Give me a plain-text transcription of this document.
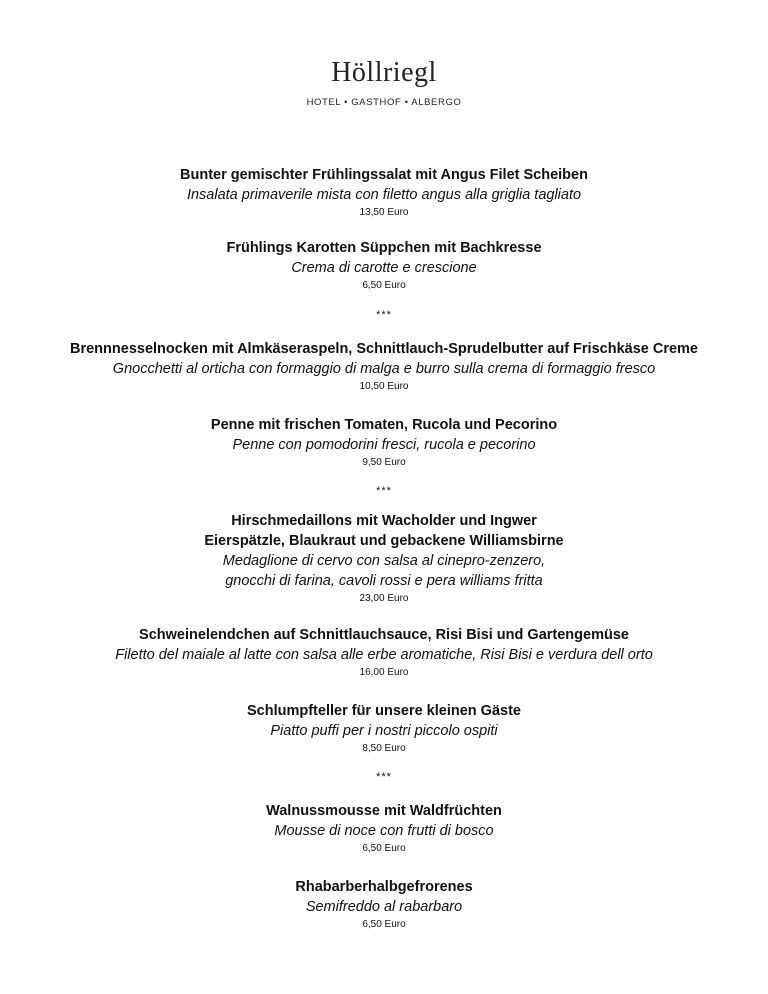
Höllriegl
HOTEL • GASTHOF • ALBERGO
Bunter gemischter Frühlingssalat mit Angus Filet Scheiben
Insalata primaverile mista con filetto angus alla griglia tagliato
13,50 Euro
Frühlings Karotten Süppchen mit Bachkresse
Crema di carotte e crescione
6,50 Euro
***
Brennnesselnocken mit Almkäseraspeln, Schnittlauch-Sprudelbutter auf Frischkäse Creme
Gnocchetti al orticha con formaggio di malga e burro sulla crema di formaggio fresco
10,50 Euro
Penne mit frischen Tomaten, Rucola und Pecorino
Penne con pomodorini fresci, rucola e pecorino
9,50 Euro
***
Hirschmedaillons mit Wacholder und Ingwer
Eierspätzle, Blaukraut und gebackene Williamsbirne
Medaglione di cervo con salsa al cinepro-zenzero,
gnocchi di farina, cavoli rossi e pera williams fritta
23,00 Euro
Schweinelendchen auf Schnittlauchsauce, Risi Bisi und Gartengemüse
Filetto del maiale al latte con salsa alle erbe aromatiche, Risi Bisi e verdura dell orto
16,00 Euro
Schlumpfteller für unsere kleinen Gäste
Piatto puffi per i nostri piccolo ospiti
8,50 Euro
***
Walnussmousse mit Waldfrüchten
Mousse di noce con frutti di bosco
6,50 Euro
Rhabarberhalbgefrorenes
Semifreddo al rabarbaro
6,50 Euro
